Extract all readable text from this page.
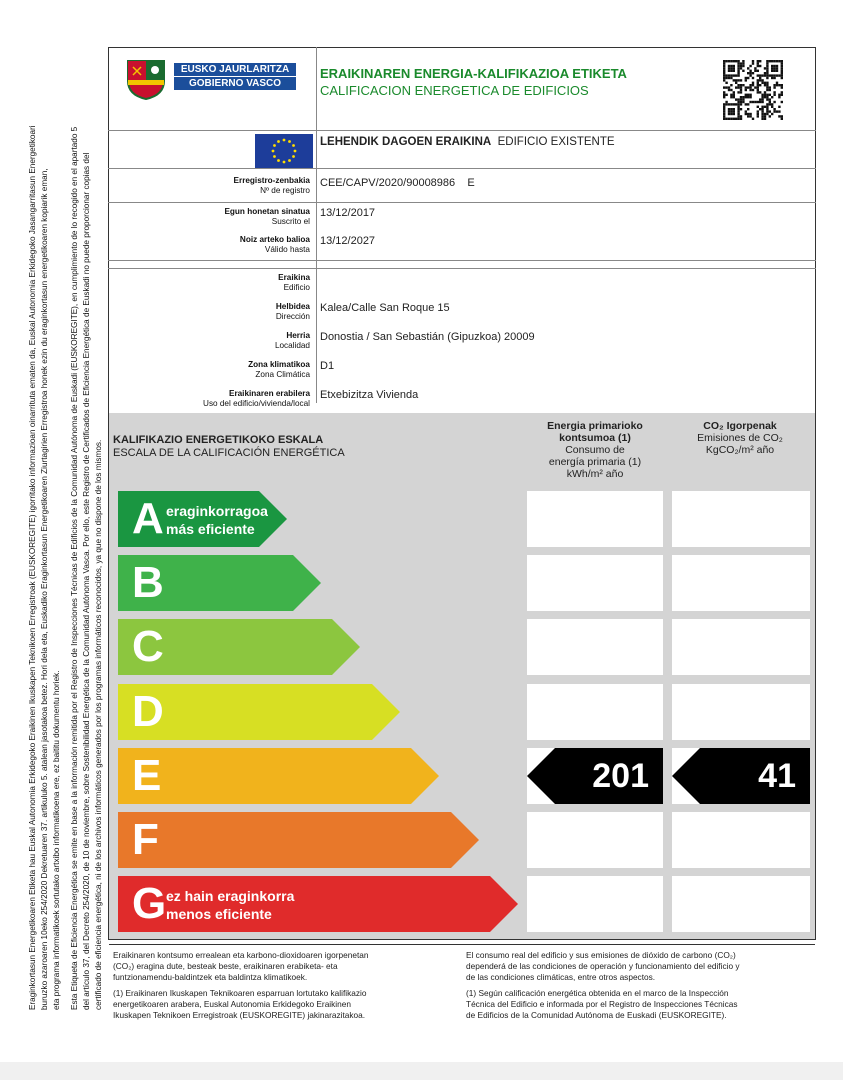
Eraginkortasun Energetikoaren Etiketa hau Euskal Autonomia Erkidegoko Eraikinen Ikuskapen Teknikoen Erregistroak (EUSKOREGITE) igorritako informazioan oinarrituta ematen da, Euskal Autonomia Erkidegoko Jasangarritasun Energetikoari buruzko azaroaren 10eko 254/2020 Dekretuaren 37. artikuluko 5. atalean jasotakoa betez. Hori dela eta, Euskadiko Eraginkortasun Energetikoaren Ziurtagirien Erregistroa honek ezin du eraginkortasun energetikoaren kopiarik eman, eta programa informatikoek sortutako artxibo informatikoena ere, ez baititu dokumentu horiek. Esta Etiqueta de Eficiencia Energética se emite en base a la información remitida por el Registro de Inspecciones Técnicas de Edificios de la Comunidad Autónoma de Euskadi (EUSKOREGITE), en cumplimiento de lo recogido en el apartado 5 del artículo 37, del Decreto 254/2020, de 10 de noviembre, sobre Sostenibilidad Energética de la Comunidad Autónoma Vasca. Por ello, este Registro de Certificados de Eficiencia Energética de Euskadi no puede proporcionar copias del certificado de eficiencia energética, ni de los archivos informáticos generados por los programas informáticos reconocidos, ya que no dispone de los mismos.
EUSKO JAURLARITZA
GOBIERNO VASCO
ERAIKINAREN ENERGIA-KALIFIKAZIOA ETIKETA
CALIFICACION ENERGETICA DE EDIFICIOS
LEHENDIK DAGOEN ERAIKINA EDIFICIO EXISTENTE
Erregistro-zenbakia
Nº de registro
CEE/CAPV/2020/90008986 E
Egun honetan sinatua
Suscrito el
13/12/2017
Noiz arteko balioa
Válido hasta
13/12/2027
Eraikina
Edificio
Helbidea
Dirección
Kalea/Calle San Roque 15
Herria
Localidad
Donostia / San Sebastián (Gipuzkoa) 20009
Zona klimatikoa
Zona Climática
D1
Eraikinaren erabilera
Uso del edificio/vivienda/local
Etxebizitza Vivienda
KALIFIKAZIO ENERGETIKOKO ESKALA
ESCALA DE LA CALIFICACIÓN ENERGÉTICA
Energia primarioko
kontsumoa (1)
Consumo de
energía primaria (1)
kWh/m² año
CO₂ Igorpenak
Emisiones de CO₂
KgCO₂/m² año
A eraginkorragoa
más eficiente
B
C
D
E	201	41
F
G ez hain eraginkorra
menos eficiente
Eraikinaren kontsumo errealean eta karbono-dioxidoaren igorpenetan
(CO₂) eragina dute, besteak beste, eraikinaren erabiketa- eta
funtzionamendu-baldintzek eta baldintza klimatikoek.
(1) Eraikinaren Ikuskapen Teknikoaren esparruan lortutako kalifikazio
energetikoaren arabera, Euskal Autonomia Erkidegoko Eraikinen
Ikuskapen Teknikoen Erregistroak (EUSKOREGITE) jakinarazitakoa.
El consumo real del edificio y sus emisiones de dióxido de carbono (CO₂)
dependerá de las condiciones de operación y funcionamiento del edificio y
de las condiciones climáticas, entre otros aspectos.
(1) Según calificación energética obtenida en el marco de la Inspección
Técnica del Edificio e informada por el Registro de Inspecciones Técnicas
de Edificios de la Comunidad Autónoma de Euskadi (EUSKOREGITE).
